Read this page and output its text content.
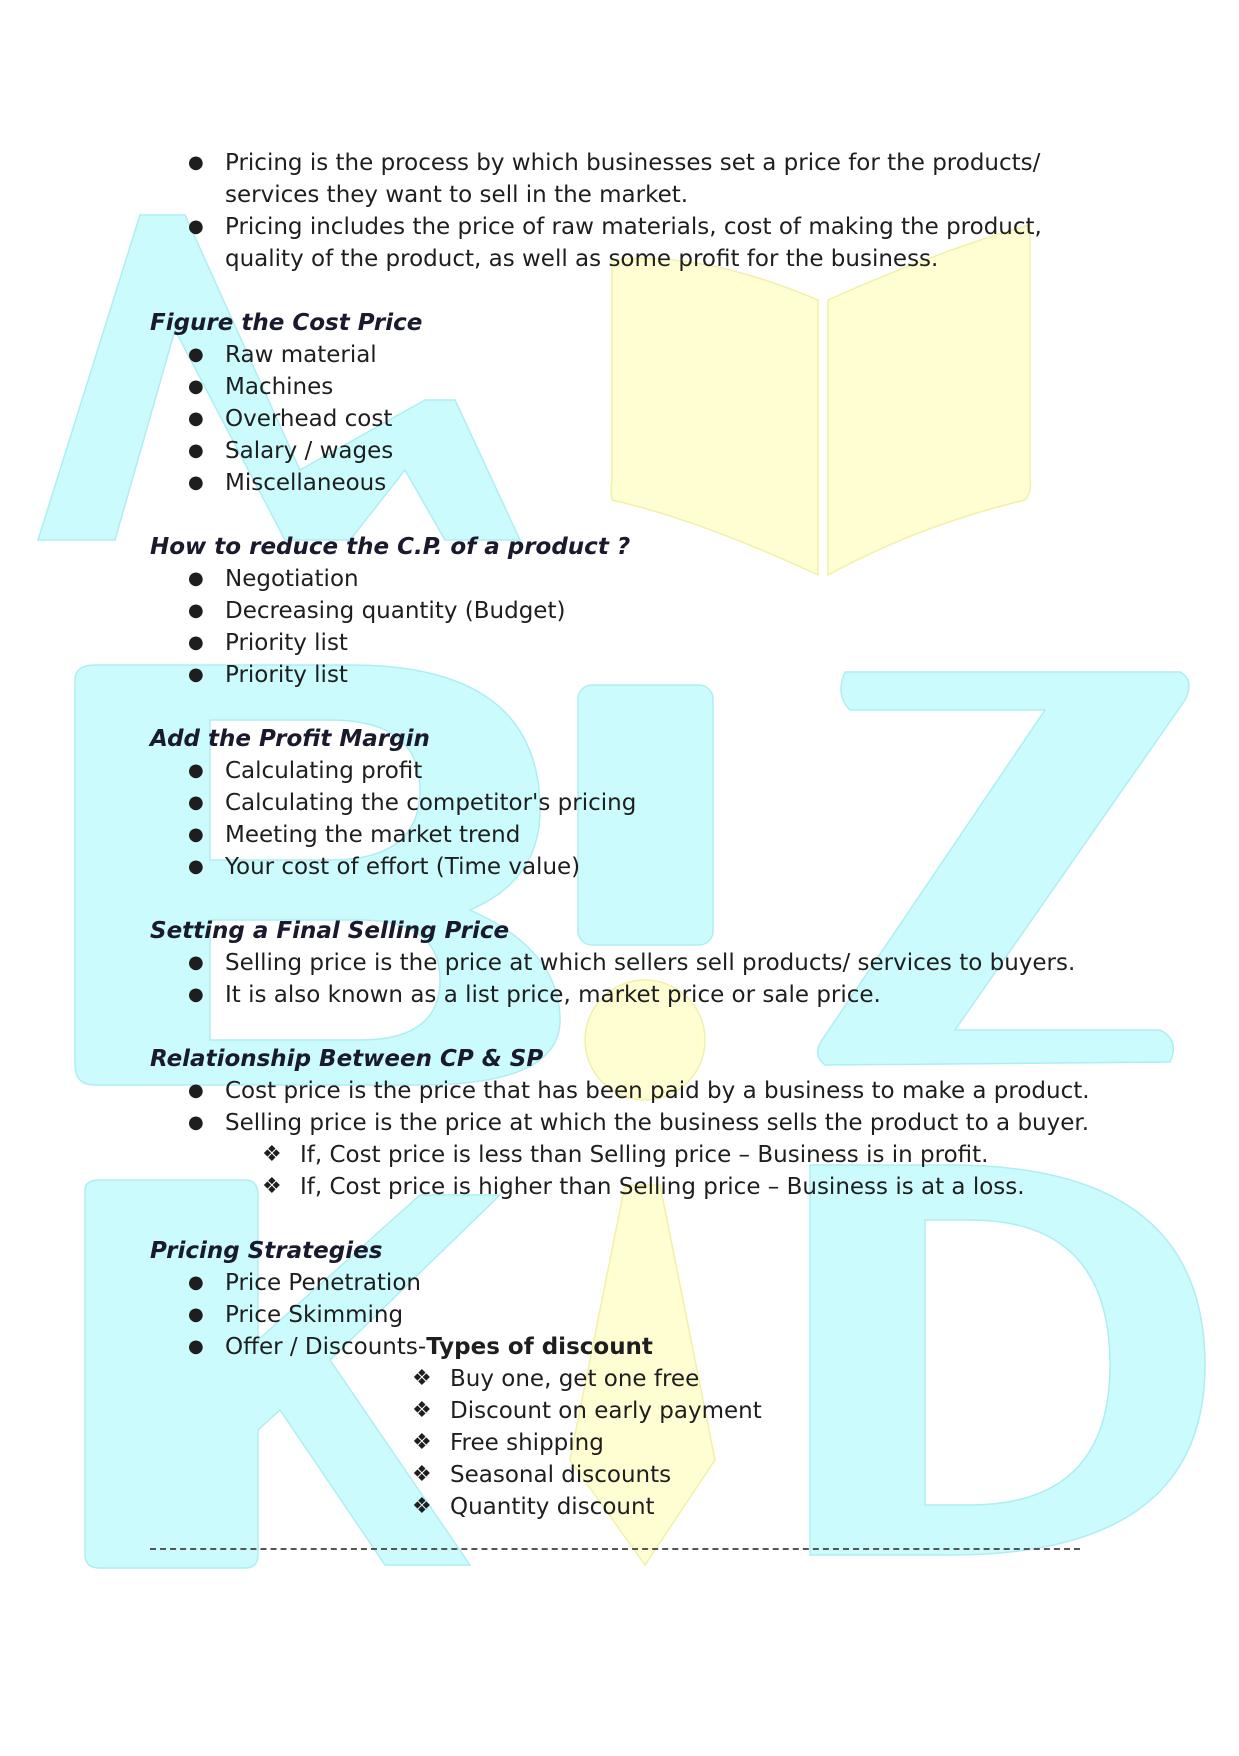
● Pricing is the process by which businesses set a price for the products/
services they want to sell in the market.
● Pricing includes the price of raw materials, cost of making the product,
quality of the product, as well as some profit for the business.
Figure the Cost Price
● Raw material
● Machines
● Overhead cost
● Salary / wages
● Miscellaneous
How to reduce the C.P. of a product ?
● Negotiation
● Decreasing quantity (Budget)
● Priority list
● Priority list
Add the Profit Margin
● Calculating profit
● Calculating the competitor's pricing
● Meeting the market trend
● Your cost of effort (Time value)
Setting a Final Selling Price
● Selling price is the price at which sellers sell products/ services to buyers.
● It is also known as a list price, market price or sale price.
Relationship Between CP & SP
● Cost price is the price that has been paid by a business to make a product.
● Selling price is the price at which the business sells the product to a buyer.
❖ If, Cost price is less than Selling price – Business is in profit.
❖ If, Cost price is higher than Selling price – Business is at a loss.
Pricing Strategies
● Price Penetration
● Price Skimming
● Offer / Discounts-Types of discount
❖ Buy one, get one free
❖ Discount on early payment
❖ Free shipping
❖ Seasonal discounts
❖ Quantity discount
